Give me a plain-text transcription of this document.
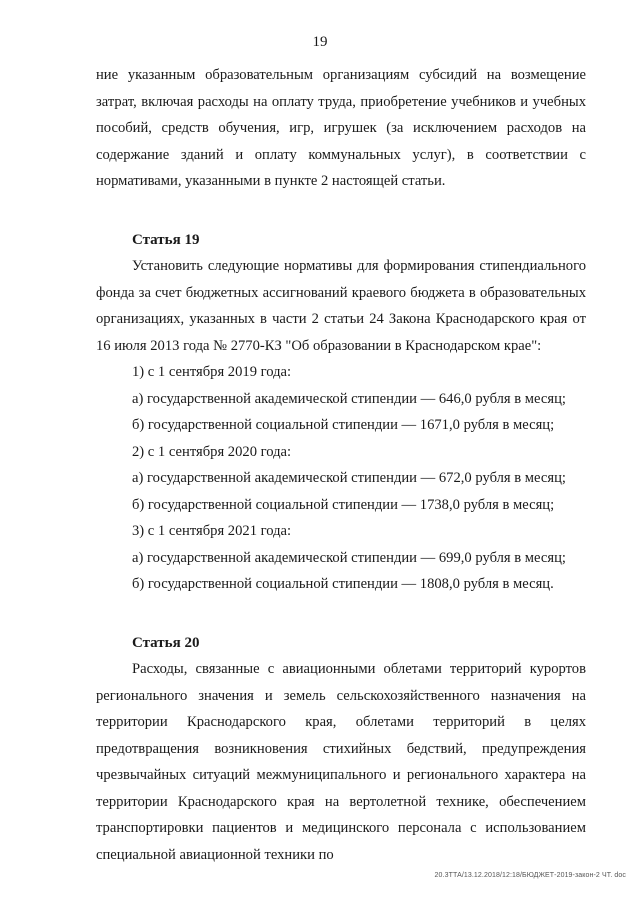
19

ние указанным образовательным организациям субсидий на возмещение затрат, включая расходы на оплату труда, приобретение учебников и учебных пособий, средств обучения, игр, игрушек (за исключением расходов на содержание зданий и оплату коммунальных услуг), в соответствии с нормативами, указанными в пункте 2 настоящей статьи.

Статья 19

Установить следующие нормативы для формирования стипендиального фонда за счет бюджетных ассигнований краевого бюджета в образовательных организациях, указанных в части 2 статьи 24 Закона Краснодарского края от 16 июля 2013 года № 2770-КЗ "Об образовании в Краснодарском крае":

1) с 1 сентября 2019 года:

а) государственной академической стипендии — 646,0 рубля в месяц;

б) государственной социальной стипендии — 1671,0 рубля в месяц;

2) с 1 сентября 2020 года:

а) государственной академической стипендии — 672,0 рубля в месяц;

б) государственной социальной стипендии — 1738,0 рубля в месяц;

3) с 1 сентября 2021 года:

а) государственной академической стипендии — 699,0 рубля в месяц;

б) государственной социальной стипендии — 1808,0 рубля в месяц.

Статья 20

Расходы, связанные с авиационными облетами территорий курортов регионального значения и земель сельскохозяйственного назначения на территории Краснодарского края, облетами территорий в целях предотвращения возникновения стихийных бедствий, предупреждения чрезвычайных ситуаций межмуниципального и регионального характера на территории Краснодарского края на вертолетной технике, обеспечением транспортировки пациентов и медицинского персонала с использованием специальной авиационной техники по

20.3ТТА/13.12.2018/12:18/БЮДЖЕТ-2019-закон-2 ЧТ. doc
